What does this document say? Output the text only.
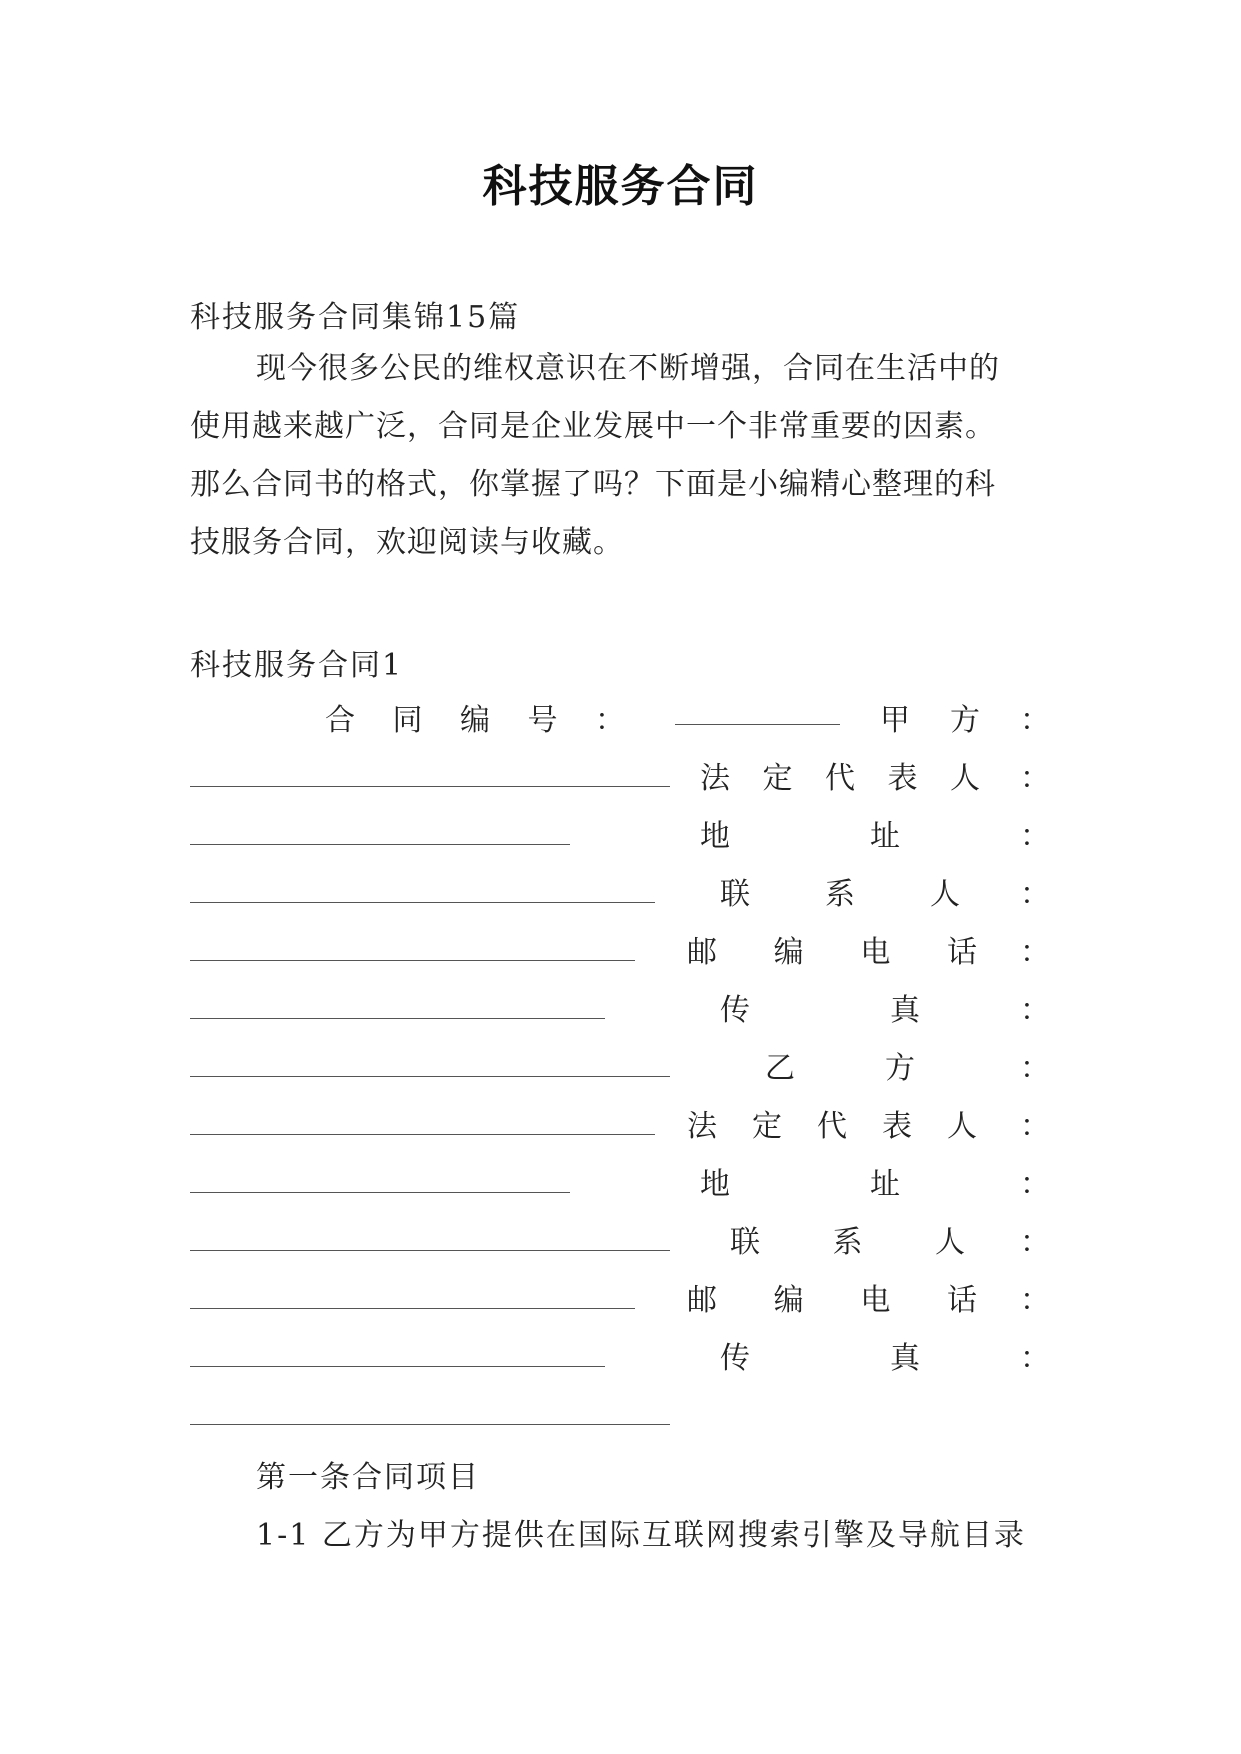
科技服务合同
科技服务合同集锦15篇
现今很多公民的维权意识在不断增强，合同在生活中的
使用越来越广泛，合同是企业发展中一个非常重要的因素。
那么合同书的格式，你掌握了吗？下面是小编精心整理的科
技服务合同，欢迎阅读与收藏。
科技服务合同1
合 同 编 号 ：	甲 方 ：
法 定 代 表 人 ：
地	址	：
联	系	人 ：
邮 编 电 话 ：
传	真	：
乙	方	：
法 定 代 表 人 ：
地	址	：
联 系 人 ：
邮 编 电 话 ：
传	真	：
第一条合同项目
1-1 乙方为甲方提供在国际互联网搜索引擎及导航目录
